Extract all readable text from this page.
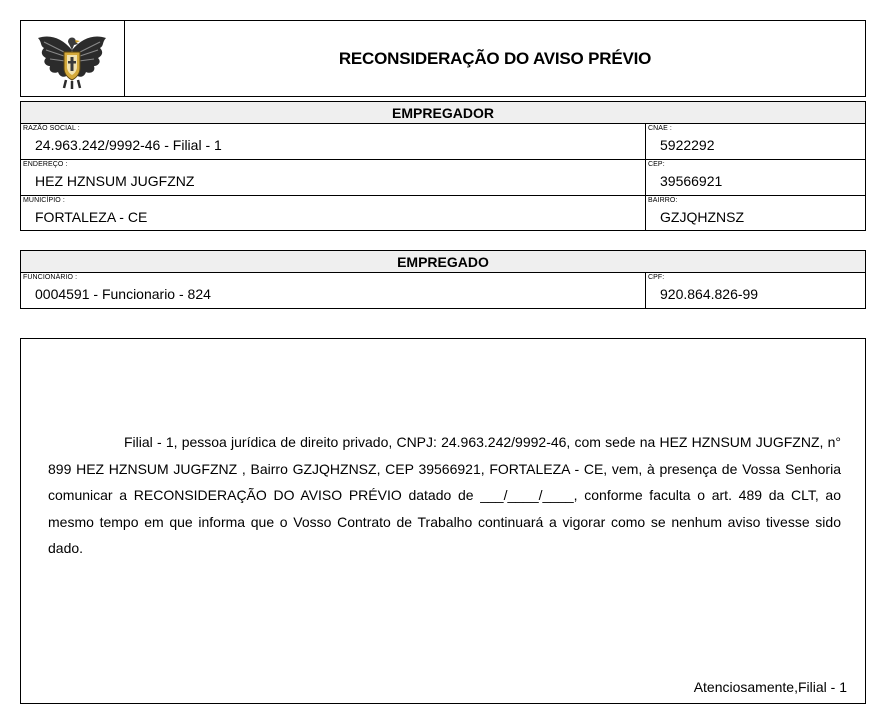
RECONSIDERAÇÃO DO AVISO PRÉVIO
EMPREGADOR
RAZÃO SOCIAL :
24.963.242/9992-46 - Filial - 1
CNAE :
5922292
ENDEREÇO :
HEZ HZNSUM JUGFZNZ
CEP:
39566921
MUNICÍPIO :
FORTALEZA - CE
BAIRRO:
GZJQHZNSZ
EMPREGADO
FUNCIONÁRIO :
0004591 - Funcionario - 824
CPF:
920.864.826-99
Filial - 1, pessoa jurídica de direito privado, CNPJ: 24.963.242/9992-46, com sede na HEZ HZNSUM JUGFZNZ, n° 899 HEZ HZNSUM JUGFZNZ , Bairro GZJQHZNSZ, CEP 39566921, FORTALEZA - CE, vem, à presença de Vossa Senhoria comunicar a RECONSIDERAÇÃO DO AVISO PRÉVIO datado de ___/____/____, conforme faculta o art. 489 da CLT, ao mesmo tempo em que informa que o Vosso Contrato de Trabalho continuará a vigorar como se nenhum aviso tivesse sido dado.
Atenciosamente,Filial - 1
